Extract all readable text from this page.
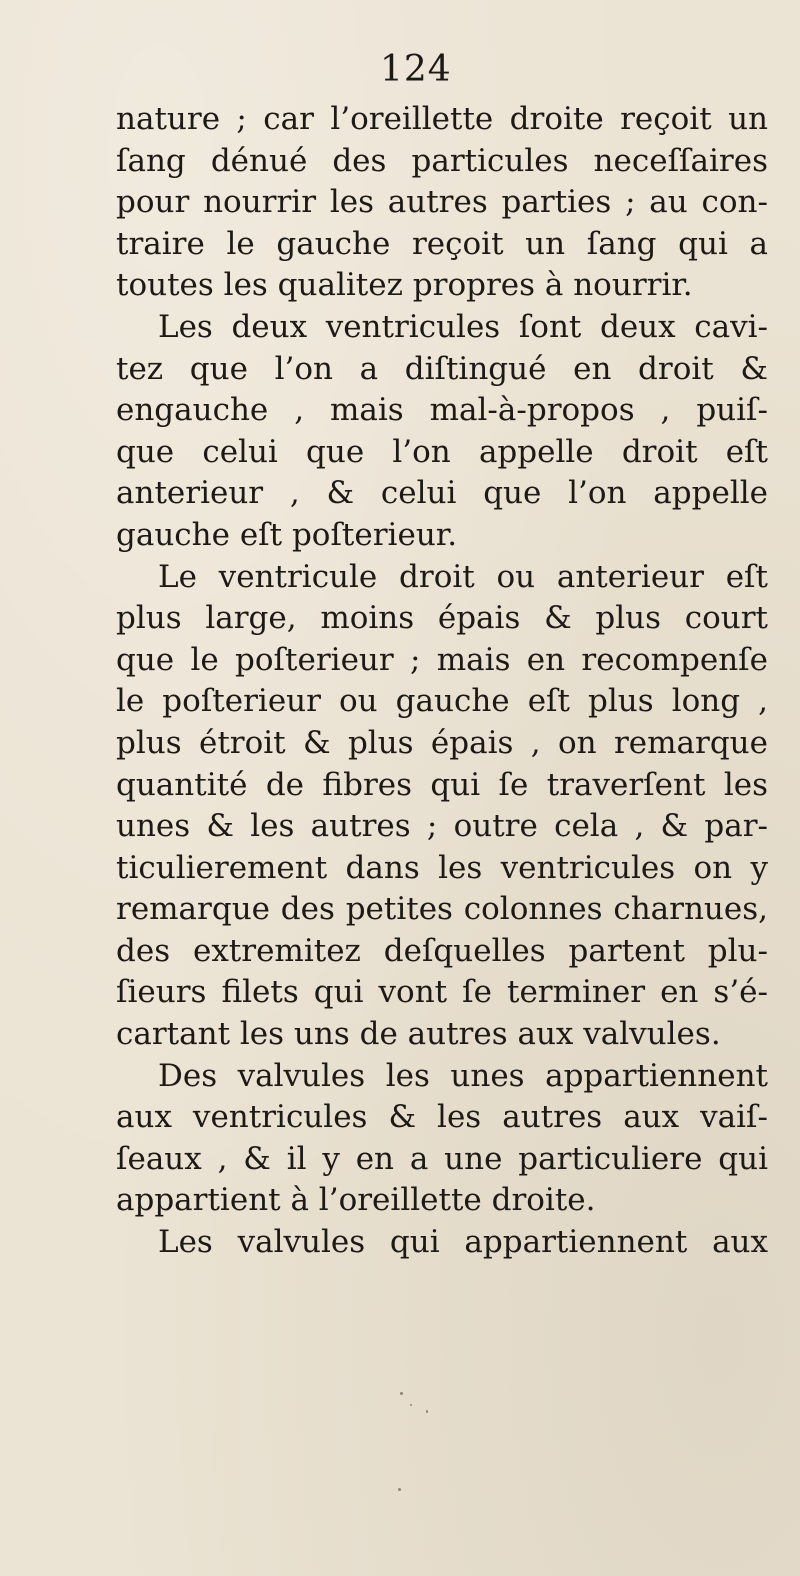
124
nature ; car l’oreillette droite reçoit un
ſang dénué des particules neceſſaires
pour nourrir les autres parties ; au con-
traire le gauche reçoit un ſang qui a
toutes les qualitez propres à nourrir.
Les deux ventricules ſont deux cavi-
tez que l’on a diſtingué en droit &
engauche , mais mal-à-propos , puiſ-
que celui que l’on appelle droit eſt
anterieur , & celui que l’on appelle
gauche eſt poſterieur.
Le ventricule droit ou anterieur eſt
plus large, moins épais & plus court
que le poſterieur ; mais en recompenſe
le poſterieur ou gauche eſt plus long ,
plus étroit & plus épais , on remarque
quantité de fibres qui ſe traverſent les
unes & les autres ; outre cela , & par-
ticulierement dans les ventricules on y
remarque des petites colonnes charnues,
des extremitez deſquelles partent plu-
ſieurs filets qui vont ſe terminer en s’é-
cartant les uns de autres aux valvules.
Des valvules les unes appartiennent
aux ventricules & les autres aux vaiſ-
ſeaux , & il y en a une particuliere qui
appartient à l’oreillette droite.
Les valvules qui appartiennent aux
